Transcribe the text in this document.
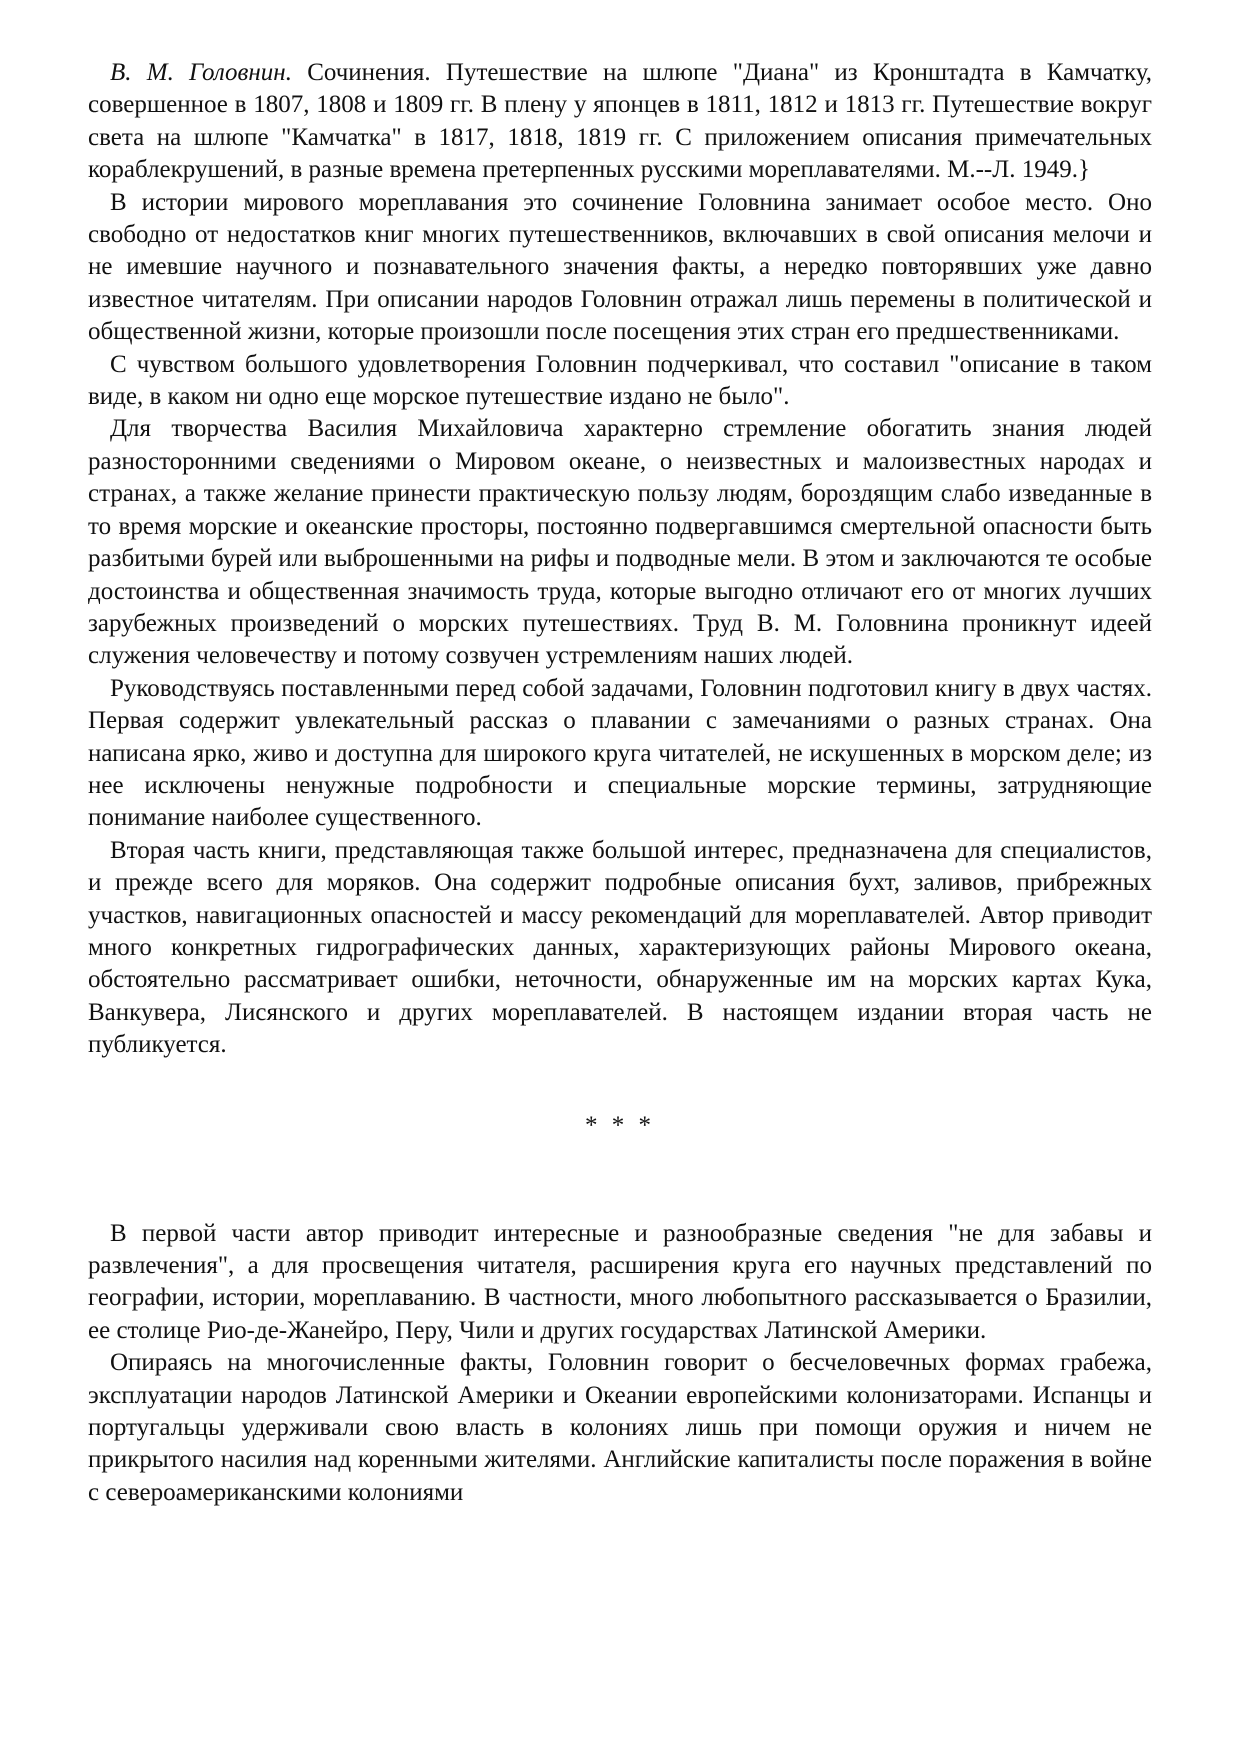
В. М. Головнин. Сочинения. Путешествие на шлюпе "Диана" из Кронштадта в Камчатку, совершенное в 1807, 1808 и 1809 гг. В плену у японцев в 1811, 1812 и 1813 гг. Путешествие вокруг света на шлюпе "Камчатка" в 1817, 1818, 1819 гг. С приложением описания примечательных кораблекрушений, в разные времена претерпенных русскими мореплавателями. М.--Л. 1949.}

В истории мирового мореплавания это сочинение Головнина занимает особое место. Оно свободно от недостатков книг многих путешественников, включавших в свой описания мелочи и не имевшие научного и познавательного значения факты, а нередко повторявших уже давно известное читателям. При описании народов Головнин отражал лишь перемены в политической и общественной жизни, которые произошли после посещения этих стран его предшественниками.

С чувством большого удовлетворения Головнин подчеркивал, что составил "описание в таком виде, в каком ни одно еще морское путешествие издано не было".

Для творчества Василия Михайловича характерно стремление обогатить знания людей разносторонними сведениями о Мировом океане, о неизвестных и малоизвестных народах и странах, а также желание принести практическую пользу людям, бороздящим слабо изведанные в то время морские и океанские просторы, постоянно подвергавшимся смертельной опасности быть разбитыми бурей или выброшенными на рифы и подводные мели. В этом и заключаются те особые достоинства и общественная значимость труда, которые выгодно отличают его от многих лучших зарубежных произведений о морских путешествиях. Труд В. М. Головнина проникнут идеей служения человечеству и потому созвучен устремлениям наших людей.

Руководствуясь поставленными перед собой задачами, Головнин подготовил книгу в двух частях. Первая содержит увлекательный рассказ о плавании с замечаниями о разных странах. Она написана ярко, живо и доступна для широкого круга читателей, не искушенных в морском деле; из нее исключены ненужные подробности и специальные морские термины, затрудняющие понимание наиболее существенного.

Вторая часть книги, представляющая также большой интерес, предназначена для специалистов, и прежде всего для моряков. Она содержит подробные описания бухт, заливов, прибрежных участков, навигационных опасностей и массу рекомендаций для мореплавателей. Автор приводит много конкретных гидрографических данных, характеризующих районы Мирового океана, обстоятельно рассматривает ошибки, неточности, обнаруженные им на морских картах Кука, Ванкувера, Лисянского и других мореплавателей. В настоящем издании вторая часть не публикуется.

* * *

В первой части автор приводит интересные и разнообразные сведения "не для забавы и развлечения", а для просвещения читателя, расширения круга его научных представлений по географии, истории, мореплаванию. В частности, много любопытного рассказывается о Бразилии, ее столице Рио-де-Жанейро, Перу, Чили и других государствах Латинской Америки.

Опираясь на многочисленные факты, Головнин говорит о бесчеловечных формах грабежа, эксплуатации народов Латинской Америки и Океании европейскими колонизаторами. Испанцы и португальцы удерживали свою власть в колониях лишь при помощи оружия и ничем не прикрытого насилия над коренными жителями. Английские капиталисты после поражения в войне с североамериканскими колониями
